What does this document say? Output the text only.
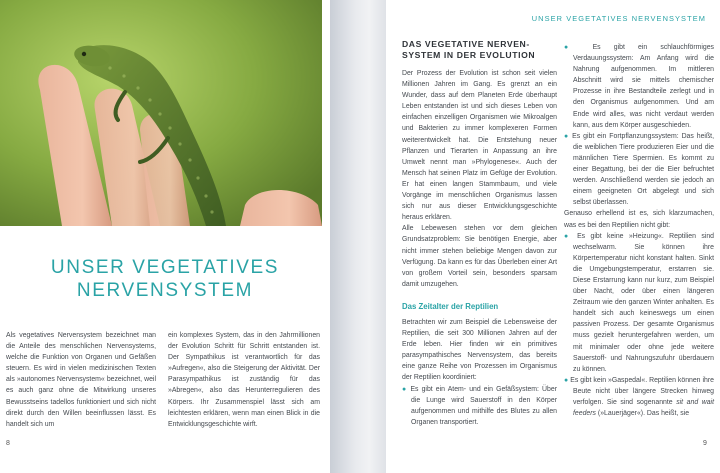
UNSER VEGETATIVES
NERVENSYSTEM

Als vegetatives Nervensystem bezeichnet man die Anteile des menschlichen Nervensystems, welche die Funktion von Organen und Gefäßen steuern. Es wird in vielen medizinischen Texten als »autonomes Nervensystem« bezeichnet, weil es auch ganz ohne die Mitwirkung unseres Bewusstseins tadellos funktioniert und sich nicht direkt durch den Willen beeinflussen lässt. Es handelt sich um

ein komplexes System, das in den Jahrmillionen der Evolution Schritt für Schritt entstanden ist. Der Sympathikus ist verantwortlich für das »Aufregen«, also die Steigerung der Aktivität. Der Parasympathikus ist zuständig für das »Abregen«, also das Herunterregulieren des Körpers. Ihr Zusammenspiel lässt sich am leichtesten erklären, wenn man einen Blick in die Entwicklungsgeschichte wirft.

8
UNSER VEGETATIVES NERVENSYSTEM
DAS VEGETATIVE NERVEN-
SYSTEM IN DER EVOLUTION
Der Prozess der Evolution ist schon seit vielen Millionen Jahren im Gang. Es grenzt an ein Wunder, dass auf dem Planeten Erde überhaupt Leben entstanden ist und sich dieses Leben von einfachen einzelligen Organismen wie Mikroalgen und Bakterien zu immer komplexeren Formen weiterentwickelt hat. Die Entstehung neuer Pflanzen und Tierarten in Anpassung an ihre Umwelt nennt man »Phylogenese«. Auch der Mensch hat seinen Platz im Gefüge der Evolution. Er hat einen langen Stammbaum, und viele Vorgänge im menschlichen Organismus lassen sich nur aus dieser Entwicklungsgeschichte heraus erklären.
Alle Lebewesen stehen vor dem gleichen Grundsatzproblem: Sie benötigen Energie, aber nicht immer stehen beliebige Mengen davon zur Verfügung. Da kann es für das Überleben einer Art von großem Vorteil sein, besonders sparsam damit umzugehen.
Das Zeitalter der Reptilien
Betrachten wir zum Beispiel die Lebensweise der Reptilien, die seit 300 Millionen Jahren auf der Erde leben. Hier finden wir ein primitives parasympathisches Nervensystem, das bereits eine ganze Reihe von Prozessen im Organismus der Reptilien koordiniert:
● Es gibt ein Atem- und ein Gefäßsystem: Über die Lunge wird Sauerstoff in den Körper aufgenommen und mithilfe des Blutes zu allen Organen transportiert.
● Es gibt ein schlauchförmiges Verdauungssystem: Am Anfang wird die Nahrung aufgenommen. Im mittleren Abschnitt wird sie mittels chemischer Prozesse in ihre Bestandteile zerlegt und in den Organismus aufgenommen. Und am Ende wird alles, was nicht verdaut werden kann, aus dem Körper ausgeschieden.
● Es gibt ein Fortpflanzungssystem: Das heißt, die weiblichen Tiere produzieren Eier und die männlichen Tiere Spermien. Es kommt zu einer Begattung, bei der die Eier befruchtet werden. Anschließend werden sie jedoch an einem geeigneten Ort abgelegt und sich selbst überlassen.
Genauso erhellend ist es, sich klarzumachen, was es bei den Reptilien nicht gibt:
● Es gibt keine »Heizung«. Reptilien sind wechselwarm. Sie können ihre Körpertemperatur nicht konstant halten. Sinkt die Umgebungstemperatur, erstarren sie. Diese Erstarrung kann nur kurz, zum Beispiel über Nacht, oder über einen längeren Zeitraum wie den ganzen Winter anhalten. Es handelt sich auch keineswegs um einen passiven Prozess. Der gesamte Organismus muss gezielt heruntergefahren werden, um mit minimaler oder ohne jede weitere Sauerstoff- und Nahrungszufuhr überdauern zu können.
● Es gibt kein »Gaspedal«. Reptilien können ihre Beute nicht über längere Strecken hinweg verfolgen. Sie sind sogenannte sit and wait feeders (»Lauerjäger«). Das heißt, sie
9
